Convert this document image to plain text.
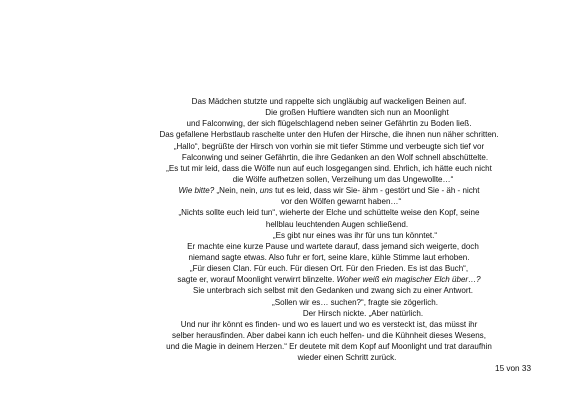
Das Mädchen stutzte und rappelte sich ungläubig auf wackeligen Beinen auf.
Die großen Huftiere wandten sich nun an Moonlight
und Falconwing, der sich flügelschlagend neben seiner Gefährtin zu Boden ließ.
Das gefallene Herbstlaub raschelte unter den Hufen der Hirsche, die ihnen nun näher schritten.
„Hallo“, begrüßte der Hirsch von vorhin sie mit tiefer Stimme und verbeugte sich tief vor
Falconwing und seiner Gefährtin, die ihre Gedanken an den Wolf schnell abschüttelte.
„Es tut mir leid, dass die Wölfe nun auf euch losgegangen sind. Ehrlich, ich hätte euch nicht
die Wölfe aufhetzen sollen, Verzeihung um das Ungewollte…“
Wie bitte? „Nein, nein, uns tut es leid, dass wir Sie- ähm - gestört und Sie - äh - nicht
vor den Wölfen gewarnt haben…“
„Nichts sollte euch leid tun“, wieherte der Elche und schüttelte weise den Kopf, seine
hellblau leuchtenden Augen schließend.
„Es gibt nur eines was ihr für uns tun könntet.“
Er machte eine kurze Pause und wartete darauf, dass jemand sich weigerte, doch
niemand sagte etwas. Also fuhr er fort, seine klare, kühle Stimme laut erhoben.
„Für diesen Clan. Für euch. Für diesen Ort. Für den Frieden. Es ist das Buch“,
sagte er, worauf Moonlight verwirrt blinzelte. Woher weiß ein magischer Elch über…?
Sie unterbrach sich selbst mit den Gedanken und zwang sich zu einer Antwort.
„Sollen wir es… suchen?“, fragte sie zögerlich.
Der Hirsch nickte. „Aber natürlich.
Und nur ihr könnt es finden- und wo es lauert und wo es versteckt ist, das müsst ihr
selber herausfinden. Aber dabei kann ich euch helfen- und die Kühnheit dieses Wesens,
und die Magie in deinem Herzen.“ Er deutete mit dem Kopf auf Moonlight und trat daraufhin
wieder einen Schritt zurück.
15 von 33
